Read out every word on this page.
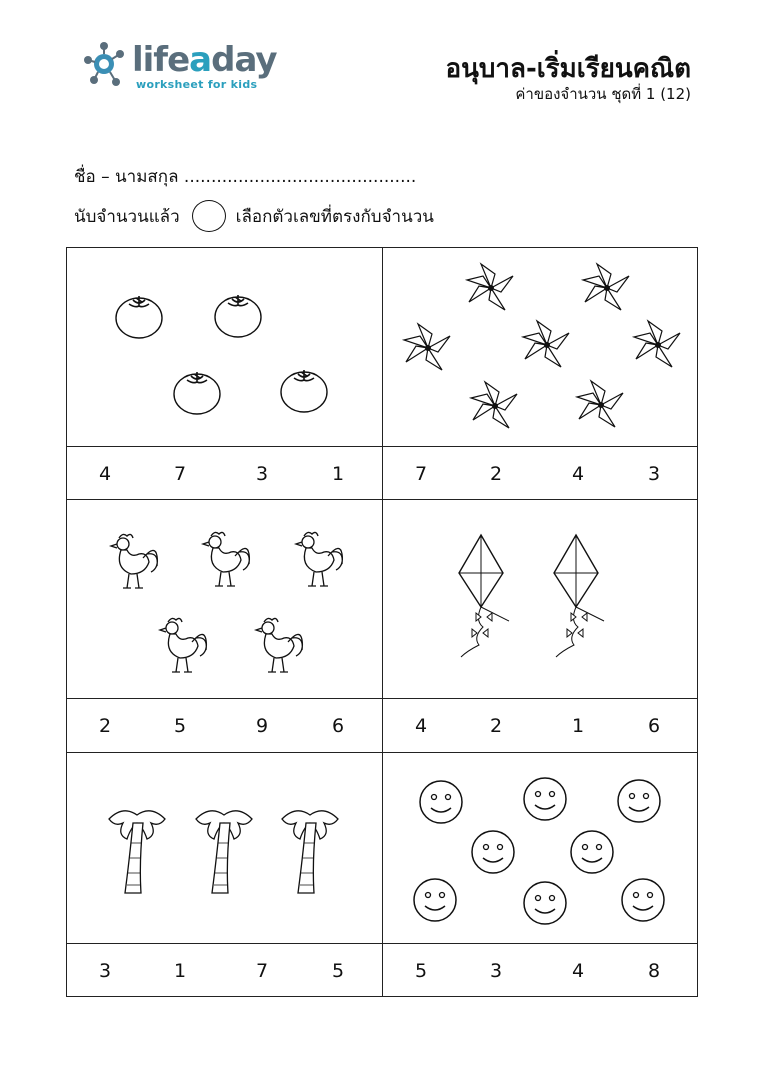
lifeaday
worksheet for kids
อนุบาล-เริ่มเรียนคณิต
ค่าของจำนวน ชุดที่ 1 (12)
ชื่อ – นามสกุล ...........................................
นับจำนวนแล้ว	เลือกตัวเลขที่ตรงกับจำนวน
4	7	3	1	7	2	4	3
2	5	9	6	4	2	1	6
3	1	7	5	5	3	4	8
